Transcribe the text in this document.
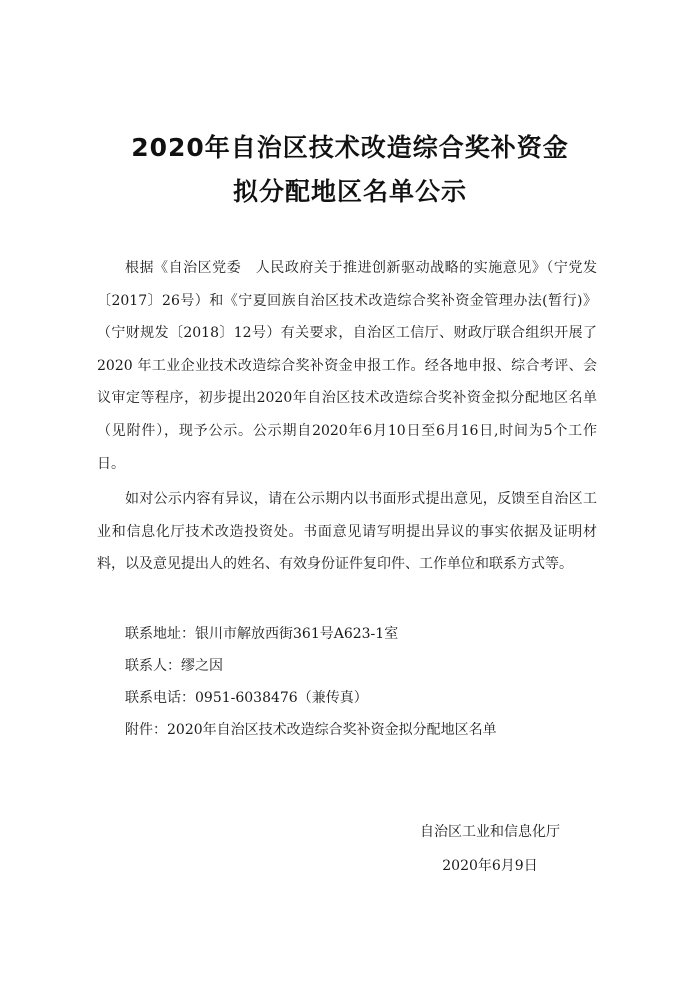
2020年自治区技术改造综合奖补资金
拟分配地区名单公示

根据《自治区党委　人民政府关于推进创新驱动战略的实施意见》（宁党发〔2017〕26号）和《宁夏回族自治区技术改造综合奖补资金管理办法(暂行)》（宁财规发〔2018〕12号）有关要求，自治区工信厅、财政厅联合组织开展了 2020 年工业企业技术改造综合奖补资金申报工作。经各地申报、综合考评、会议审定等程序，初步提出2020年自治区技术改造综合奖补资金拟分配地区名单（见附件），现予公示。公示期自2020年6月10日至6月16日,时间为5个工作日。

如对公示内容有异议，请在公示期内以书面形式提出意见，反馈至自治区工业和信息化厅技术改造投资处。书面意见请写明提出异议的事实依据及证明材料，以及意见提出人的姓名、有效身份证件复印件、工作单位和联系方式等。

联系地址：银川市解放西街361号A623-1室
联系人：缪之因
联系电话：0951-6038476（兼传真）
附件：2020年自治区技术改造综合奖补资金拟分配地区名单
自治区工业和信息化厅
2020年6月9日
